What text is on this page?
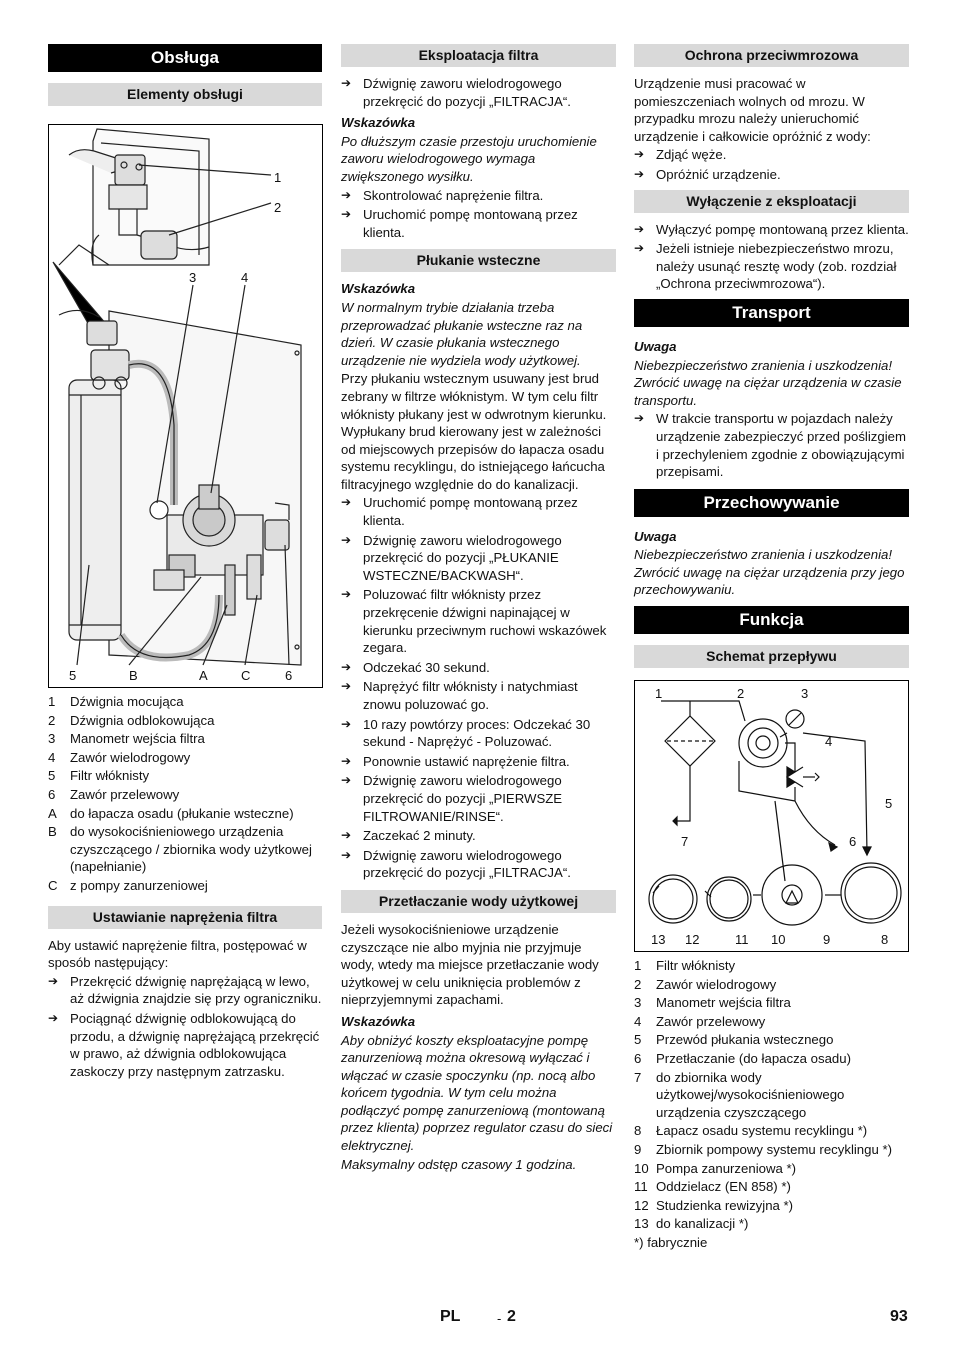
Obsługa
Elementy obsługi
1
2
3	4
5	B	A	C	6
1	Dźwignia mocująca
2	Dźwignia odblokowująca
3	Manometr wejścia filtra
4	Zawór wielodrogowy
5	Filtr włóknisty
6	Zawór przelewowy
A	do łapacza osadu (płukanie wsteczne)
B	do wysokociśnieniowego urządzenia czyszczącego / zbiornika wody użytkowej (napełnianie)
C z pompy zanurzeniowej
Ustawianie naprężenia filtra

Aby ustawić naprężenie filtra, postępować w sposób następujący:

➔ Przekręcić dźwignię naprężającą w lewo, aż dźwignia znajdzie się przy ograniczniku.
➔ Pociągnąć dźwignię odblokowującą do przodu, a dźwignię naprężającą przekręcić w prawo, aż dźwignia odblokowująca zaskoczy przy następnym zatrzasku.
Eksploatacja filtra
➔ Dźwignię zaworu wielodrogowego przekręcić do pozycji „FILTRACJA“.

Wskazówka

Po dłuższym czasie przestoju uruchomienie zaworu wielodrogowego wymaga zwiększonego wysiłku.

➔ Skontrolować naprężenie filtra.
➔ Uruchomić pompę montowaną przez klienta.
Płukanie wsteczne

Wskazówka

W normalnym trybie działania trzeba przeprowadzać płukanie wsteczne raz na dzień. W czasie płukania wstecznego urządzenie nie wydziela wody użytkowej.

Przy płukaniu wstecznym usuwany jest brud zebrany w filtrze włóknistym. W tym celu filtr włóknisty płukany jest w odwrotnym kierunku. Wypłukany brud kierowany jest w zależności od miejscowych przepisów do łapacza osadu systemu recyklingu, do istniejącego łańcucha filtracyjnego względnie do do kanalizacji.

➔ Uruchomić pompę montowaną przez klienta.
➔ Dźwignię zaworu wielodrogowego przekręcić do pozycji „PŁUKANIE WSTECZNE/BACKWASH“.
➔ Poluzować filtr włóknisty przez przekręcenie dźwigni napinającej w kierunku przeciwnym ruchowi wskazówek zegara.
➔ Odczekać 30 sekund.
➔ Naprężyć filtr włóknisty i natychmiast znowu poluzować go.
➔ 10 razy powtórzy proces: Odczekać 30 sekund - Naprężyć - Poluzować.
➔ Ponownie ustawić naprężenie filtra.
➔ Dźwignię zaworu wielodrogowego przekręcić do pozycji „PIERWSZE FILTROWANIE/RINSE“.
➔ Zaczekać 2 minuty.
➔ Dźwignię zaworu wielodrogowego przekręcić do pozycji „FILTRACJA“.
Przetłaczanie wody użytkowej

Jeżeli wysokociśnieniowe urządzenie czyszczące nie albo myjnia nie przyjmuje wody, wtedy ma miejsce przetłaczanie wody użytkowej w celu uniknięcia problemów z nieprzyjemnymi zapachami.

Wskazówka

Aby obniżyć koszty eksploatacyjne pompę zanurzeniową można okresową wyłączać i włączać w czasie spoczynku (np. nocą albo końcem tygodnia. W tym celu można podłączyć pompę zanurzeniową (montowaną przez klienta) poprzez regulator czasu do sieci elektrycznej.

Maksymalny odstęp czasowy 1 godzina.

Ochrona przeciwmrozowa

Urządzenie musi pracować w pomieszczeniach wolnych od mrozu. W przypadku mrozu należy unieruchomić urządzenie i całkowicie opróżnić z wody:

➔ Zdjąć węże.
➔ Opróżnić urządzenie.
Wyłączenie z eksploatacji
➔ Wyłączyć pompę montowaną przez klienta.
➔ Jeżeli istnieje niebezpieczeństwo mrozu, należy usunąć resztę wody (zob. rozdział „Ochrona przeciwmrozowa“).
Transport

Uwaga

Niebezpieczeństwo zranienia i uszkodzenia! Zwrócić uwagę na ciężar urządzenia w czasie transportu.

➔ W trakcie transportu w pojazdach należy urządzenie zabezpieczyć przed poślizgiem i przechyleniem zgodnie z obowiązującymi przepisami.
Przechowywanie

Uwaga

Niebezpieczeństwo zranienia i uszkodzenia! Zwrócić uwagę na ciężar urządzenia przy jego przechowywaniu.

Funkcja
Schemat przepływu
1	2	3
4
5
6
7
13 12	11 10	9	8
1	Filtr włóknisty
2	Zawór wielodrogowy
3	Manometr wejścia filtra
4	Zawór przelewowy
5	Przewód płukania wstecznego
6	Przetłaczanie (do łapacza osadu)
7	do zbiornika wody użytkowej/wysokociśnieniowego urządzenia czyszczącego
8	Łapacz osadu systemu recyklingu *)
9	Zbiornik pompowy systemu recyklingu *)
10 Pompa zanurzeniowa *)
11 Oddzielacz (EN 858) *)
12 Studzienka rewizyjna *)
13 do kanalizacji *)

*) fabrycznie

PL	- 2	93
